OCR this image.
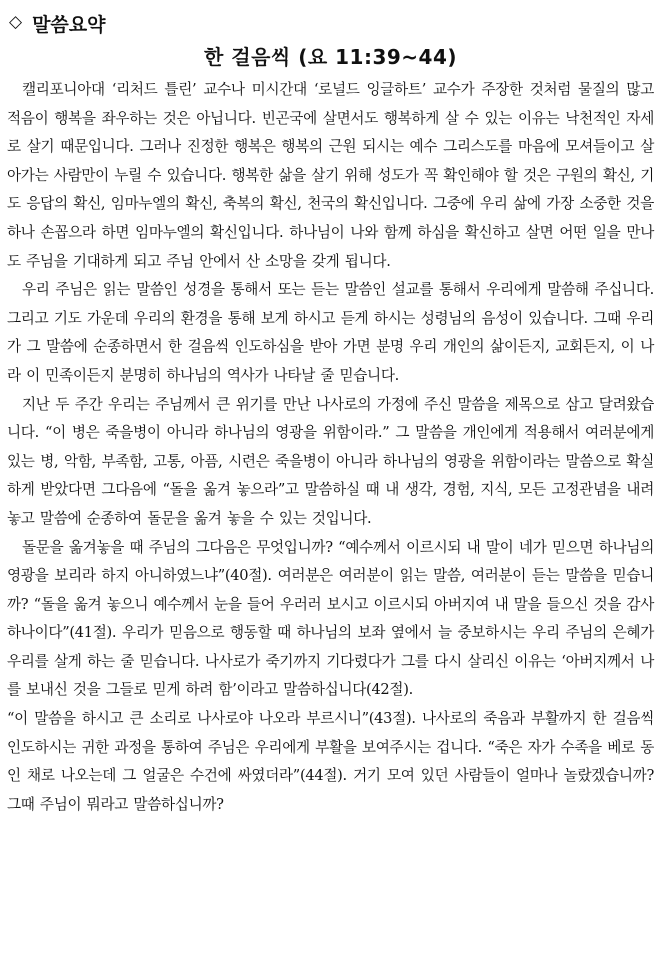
◇ 말씀요약
한 걸음씩 (요 11:39~44)

캘리포니아대 ‘리처드 틀린’ 교수나 미시간대 ‘로널드 잉글하트’ 교수가 주장한 것처럼 물질의 많고 적음이 행복을 좌우하는 것은 아닙니다. 빈곤국에 살면서도 행복하게 살 수 있는 이유는 낙천적인 자세로 살기 때문입니다. 그러나 진정한 행복은 행복의 근원 되시는 예수 그리스도를 마음에 모셔들이고 살아가는 사람만이 누릴 수 있습니다. 행복한 삶을 살기 위해 성도가 꼭 확인해야 할 것은 구원의 확신, 기도 응답의 확신, 임마누엘의 확신, 축복의 확신, 천국의 확신입니다. 그중에 우리 삶에 가장 소중한 것을 하나 손꼽으라 하면 임마누엘의 확신입니다. 하나님이 나와 함께 하심을 확신하고 살면 어떤 일을 만나도 주님을 기대하게 되고 주님 안에서 산 소망을 갖게 됩니다.

우리 주님은 읽는 말씀인 성경을 통해서 또는 듣는 말씀인 설교를 통해서 우리에게 말씀해 주십니다. 그리고 기도 가운데 우리의 환경을 통해 보게 하시고 듣게 하시는 성령님의 음성이 있습니다. 그때 우리가 그 말씀에 순종하면서 한 걸음씩 인도하심을 받아 가면 분명 우리 개인의 삶이든지, 교회든지, 이 나라 이 민족이든지 분명히 하나님의 역사가 나타날 줄 믿습니다.

지난 두 주간 우리는 주님께서 큰 위기를 만난 나사로의 가정에 주신 말씀을 제목으로 삼고 달려왔습니다. “이 병은 죽을병이 아니라 하나님의 영광을 위함이라.” 그 말씀을 개인에게 적용해서 여러분에게 있는 병, 악함, 부족함, 고통, 아픔, 시련은 죽을병이 아니라 하나님의 영광을 위함이라는 말씀으로 확실하게 받았다면 그다음에 “돌을 옮겨 놓으라”고 말씀하실 때 내 생각, 경험, 지식, 모든 고정관념을 내려놓고 말씀에 순종하여 돌문을 옮겨 놓을 수 있는 것입니다.

돌문을 옮겨놓을 때 주님의 그다음은 무엇입니까? “예수께서 이르시되 내 말이 네가 믿으면 하나님의 영광을 보리라 하지 아니하였느냐”(40절). 여러분은 여러분이 읽는 말씀, 여러분이 듣는 말씀을 믿습니까? “돌을 옮겨 놓으니 예수께서 눈을 들어 우러러 보시고 이르시되 아버지여 내 말을 들으신 것을 감사하나이다”(41절). 우리가 믿음으로 행동할 때 하나님의 보좌 옆에서 늘 중보하시는 우리 주님의 은혜가 우리를 살게 하는 줄 믿습니다. 나사로가 죽기까지 기다렸다가 그를 다시 살리신 이유는 ‘아버지께서 나를 보내신 것을 그들로 믿게 하려 함’이라고 말씀하십니다(42절).

“이 말씀을 하시고 큰 소리로 나사로야 나오라 부르시니”(43절). 나사로의 죽음과 부활까지 한 걸음씩 인도하시는 귀한 과정을 통하여 주님은 우리에게 부활을 보여주시는 겁니다. “죽은 자가 수족을 베로 동인 채로 나오는데 그 얼굴은 수건에 싸였더라”(44절). 거기 모여 있던 사람들이 얼마나 놀랐겠습니까? 그때 주님이 뭐라고 말씀하십니까?
